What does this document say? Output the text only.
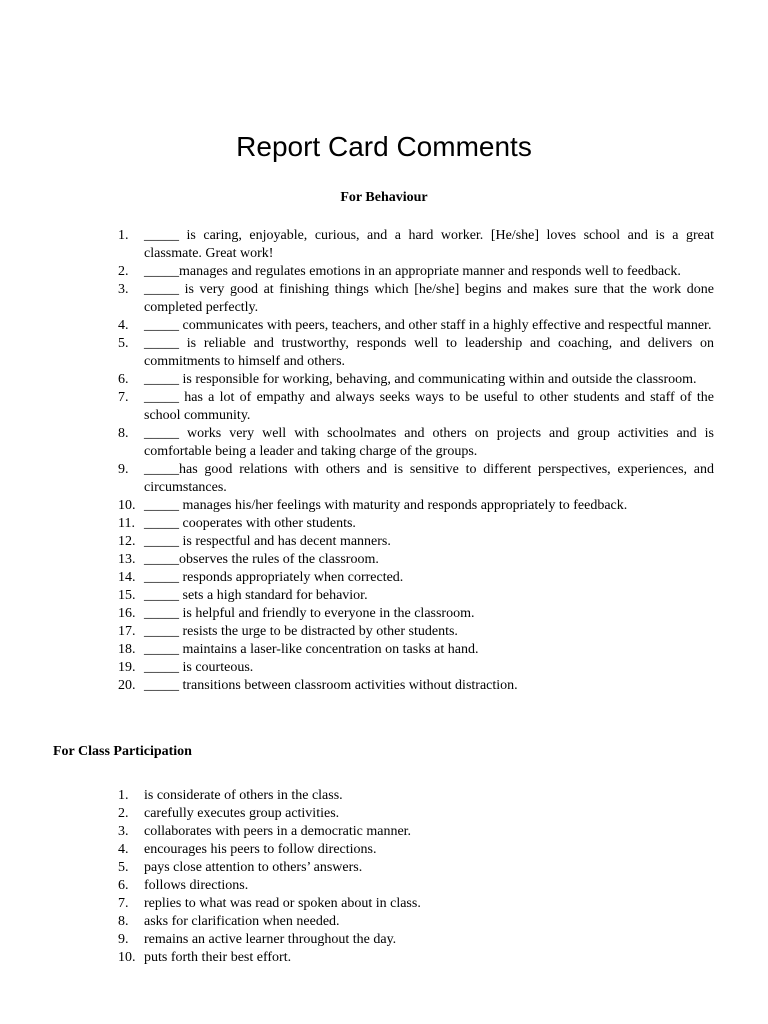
Report Card Comments
For Behaviour
1.	_____ is caring, enjoyable, curious, and a hard worker. [He/she] loves school and is a great classmate. Great work!
2.	_____manages and regulates emotions in an appropriate manner and responds well to feedback.
3.	_____ is very good at finishing things which [he/she] begins and makes sure that the work done completed perfectly.
4.	_____ communicates with peers, teachers, and other staff in a highly effective and respectful manner.
5.	_____ is reliable and trustworthy, responds well to leadership and coaching, and delivers on commitments to himself and others.
6.	_____ is responsible for working, behaving, and communicating within and outside the classroom.
7.	_____ has a lot of empathy and always seeks ways to be useful to other students and staff of the school community.
8.	_____ works very well with schoolmates and others on projects and group activities and is comfortable being a leader and taking charge of the groups.
9.	_____has good relations with others and is sensitive to different perspectives, experiences, and circumstances.
10. _____ manages his/her feelings with maturity and responds appropriately to feedback.
11. _____ cooperates with other students.
12. _____ is respectful and has decent manners.
13. _____observes the rules of the classroom.
14. _____ responds appropriately when corrected.
15. _____ sets a high standard for behavior.
16. _____ is helpful and friendly to everyone in the classroom.
17. _____ resists the urge to be distracted by other students.
18. _____ maintains a laser-like concentration on tasks at hand.
19. _____ is courteous.
20. _____ transitions between classroom activities without distraction.
For Class Participation
1.	is considerate of others in the class.
2.	carefully executes group activities.
3.	collaborates with peers in a democratic manner.
4.	encourages his peers to follow directions.
5.	pays close attention to others’ answers.
6.	follows directions.
7.	replies to what was read or spoken about in class.
8.	asks for clarification when needed.
9.	remains an active learner throughout the day.
10. puts forth their best effort.
